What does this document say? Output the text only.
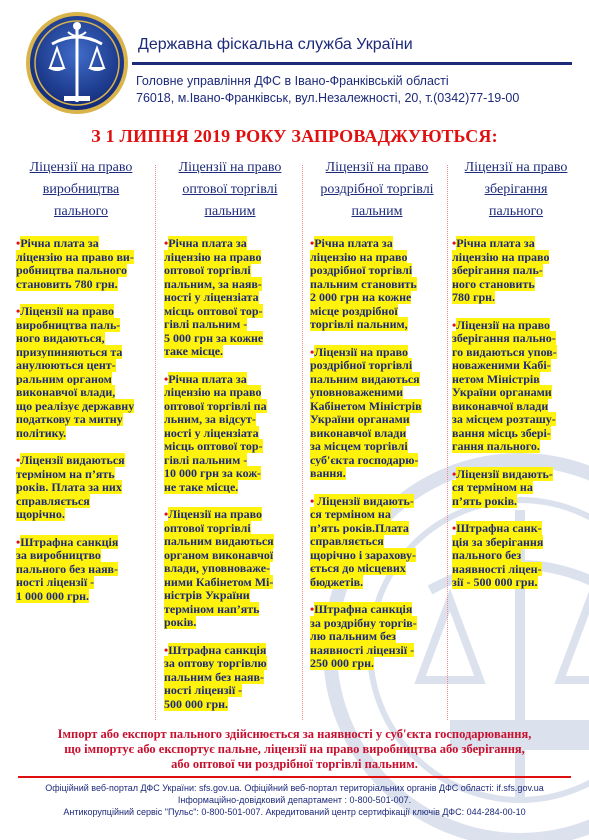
Державна фіскальна служба України
Головне управління ДФС в Івано-Франківській області
76018, м.Івано-Франківськ, вул.Незалежності, 20, т.(0342)77-19-00
З 1 ЛИПНЯ 2019 РОКУ ЗАПРОВАДЖУЮТЬСЯ:
Ліцензії на право
виробництва
пального
•Річна плата за
ліцензію на право ви-
робництва пального
становить 780 грн.
•Ліцензії на право
виробництва паль-
ного видаються,
призупиняються та
анулюються цент-
ральним органом
виконавчої влади,
що реалізує державну
податкову та митну
політику.
•Ліцензії видаються
терміном на п’ять
років. Плата за них
справляється
щорічно.
•Штрафна санкція
за виробництво
пального без наяв-
ності ліцензії -
1 000 000 грн.
Ліцензії на право
оптової торгівлі
пальним
•Річна плата за
ліцензію на право
оптової торгівлі
пальним, за наяв-
ності у ліцензіата
місць оптової тор-
гівлі пальним -
5 000 грн за кожне
таке місце.
•Річна плата за
ліцензію на право
оптової торгівлі па
льним, за відсут-
ності у ліцензіата
місць оптової тор-
гівлі пальним -
10 000 грн за кож-
не таке місце.
•Ліцензії на право
оптової торгівлі
пальним видаються
органом виконавчої
влади, уповноваже-
ними Кабінетом Мі-
ністрів України
терміном нап’ять
років.
•Штрафна санкція
за оптову торгівлю
пальним без наяв-
ності ліцензії -
500 000 грн.
Ліцензії на право
роздрібної торгівлі
пальним
•Річна плата за
ліцензію на право
роздрібної торгівлі
пальним становить
2 000 грн на кожне
місце роздрібної
торгівлі пальним,
•Ліцензії на право
роздрібної торгівлі
пальним видаються
уповноваженими
Кабінетом Міністрів
України органами
виконавчої влади
за місцем торгівлі
суб'єкта господарю-
вання.
• Ліцензії видають-
ся терміном на
п’ять років.Плата
справляється
щорічно і зарахову-
ється до місцевих
бюджетів.
•Штрафна санкція
за роздрібну торгів-
лю пальним без
наявності ліцензії -
250 000 грн.
Ліцензії на право
зберігання
пального
•Річна плата за
ліцензію на право
зберігання паль-
ного становить
780 грн.
•Ліцензії на право
зберігання пально-
го видаються упов-
новаженими Кабі-
нетом Міністрів
України органами
виконавчої влади
за місцем розташу-
вання місць збері-
гання пального.
•Ліцензії видають-
ся терміном на
п’ять років.
•Штрафна санк-
ція за зберігання
пального без
наявності ліцен-
зії - 500 000 грн.
Імпорт або експорт пального здійснюється за наявності у суб'єкта господарювання,
що імпортує або експортує пальне, ліцензії на право виробництва або зберігання,
або оптової чи роздрібної торгівлі пальним.
Офіційний веб-портал ДФС України: sfs.gov.ua. Офіційний веб-портал територіальних органів ДФС області: if.sfs.gov.ua
Інформаційно-довідковий департамент : 0-800-501-007.
Антикорупційний сервіс "Пульс": 0-800-501-007. Акредитований центр сертифікації ключів ДФС: 044-284-00-10
